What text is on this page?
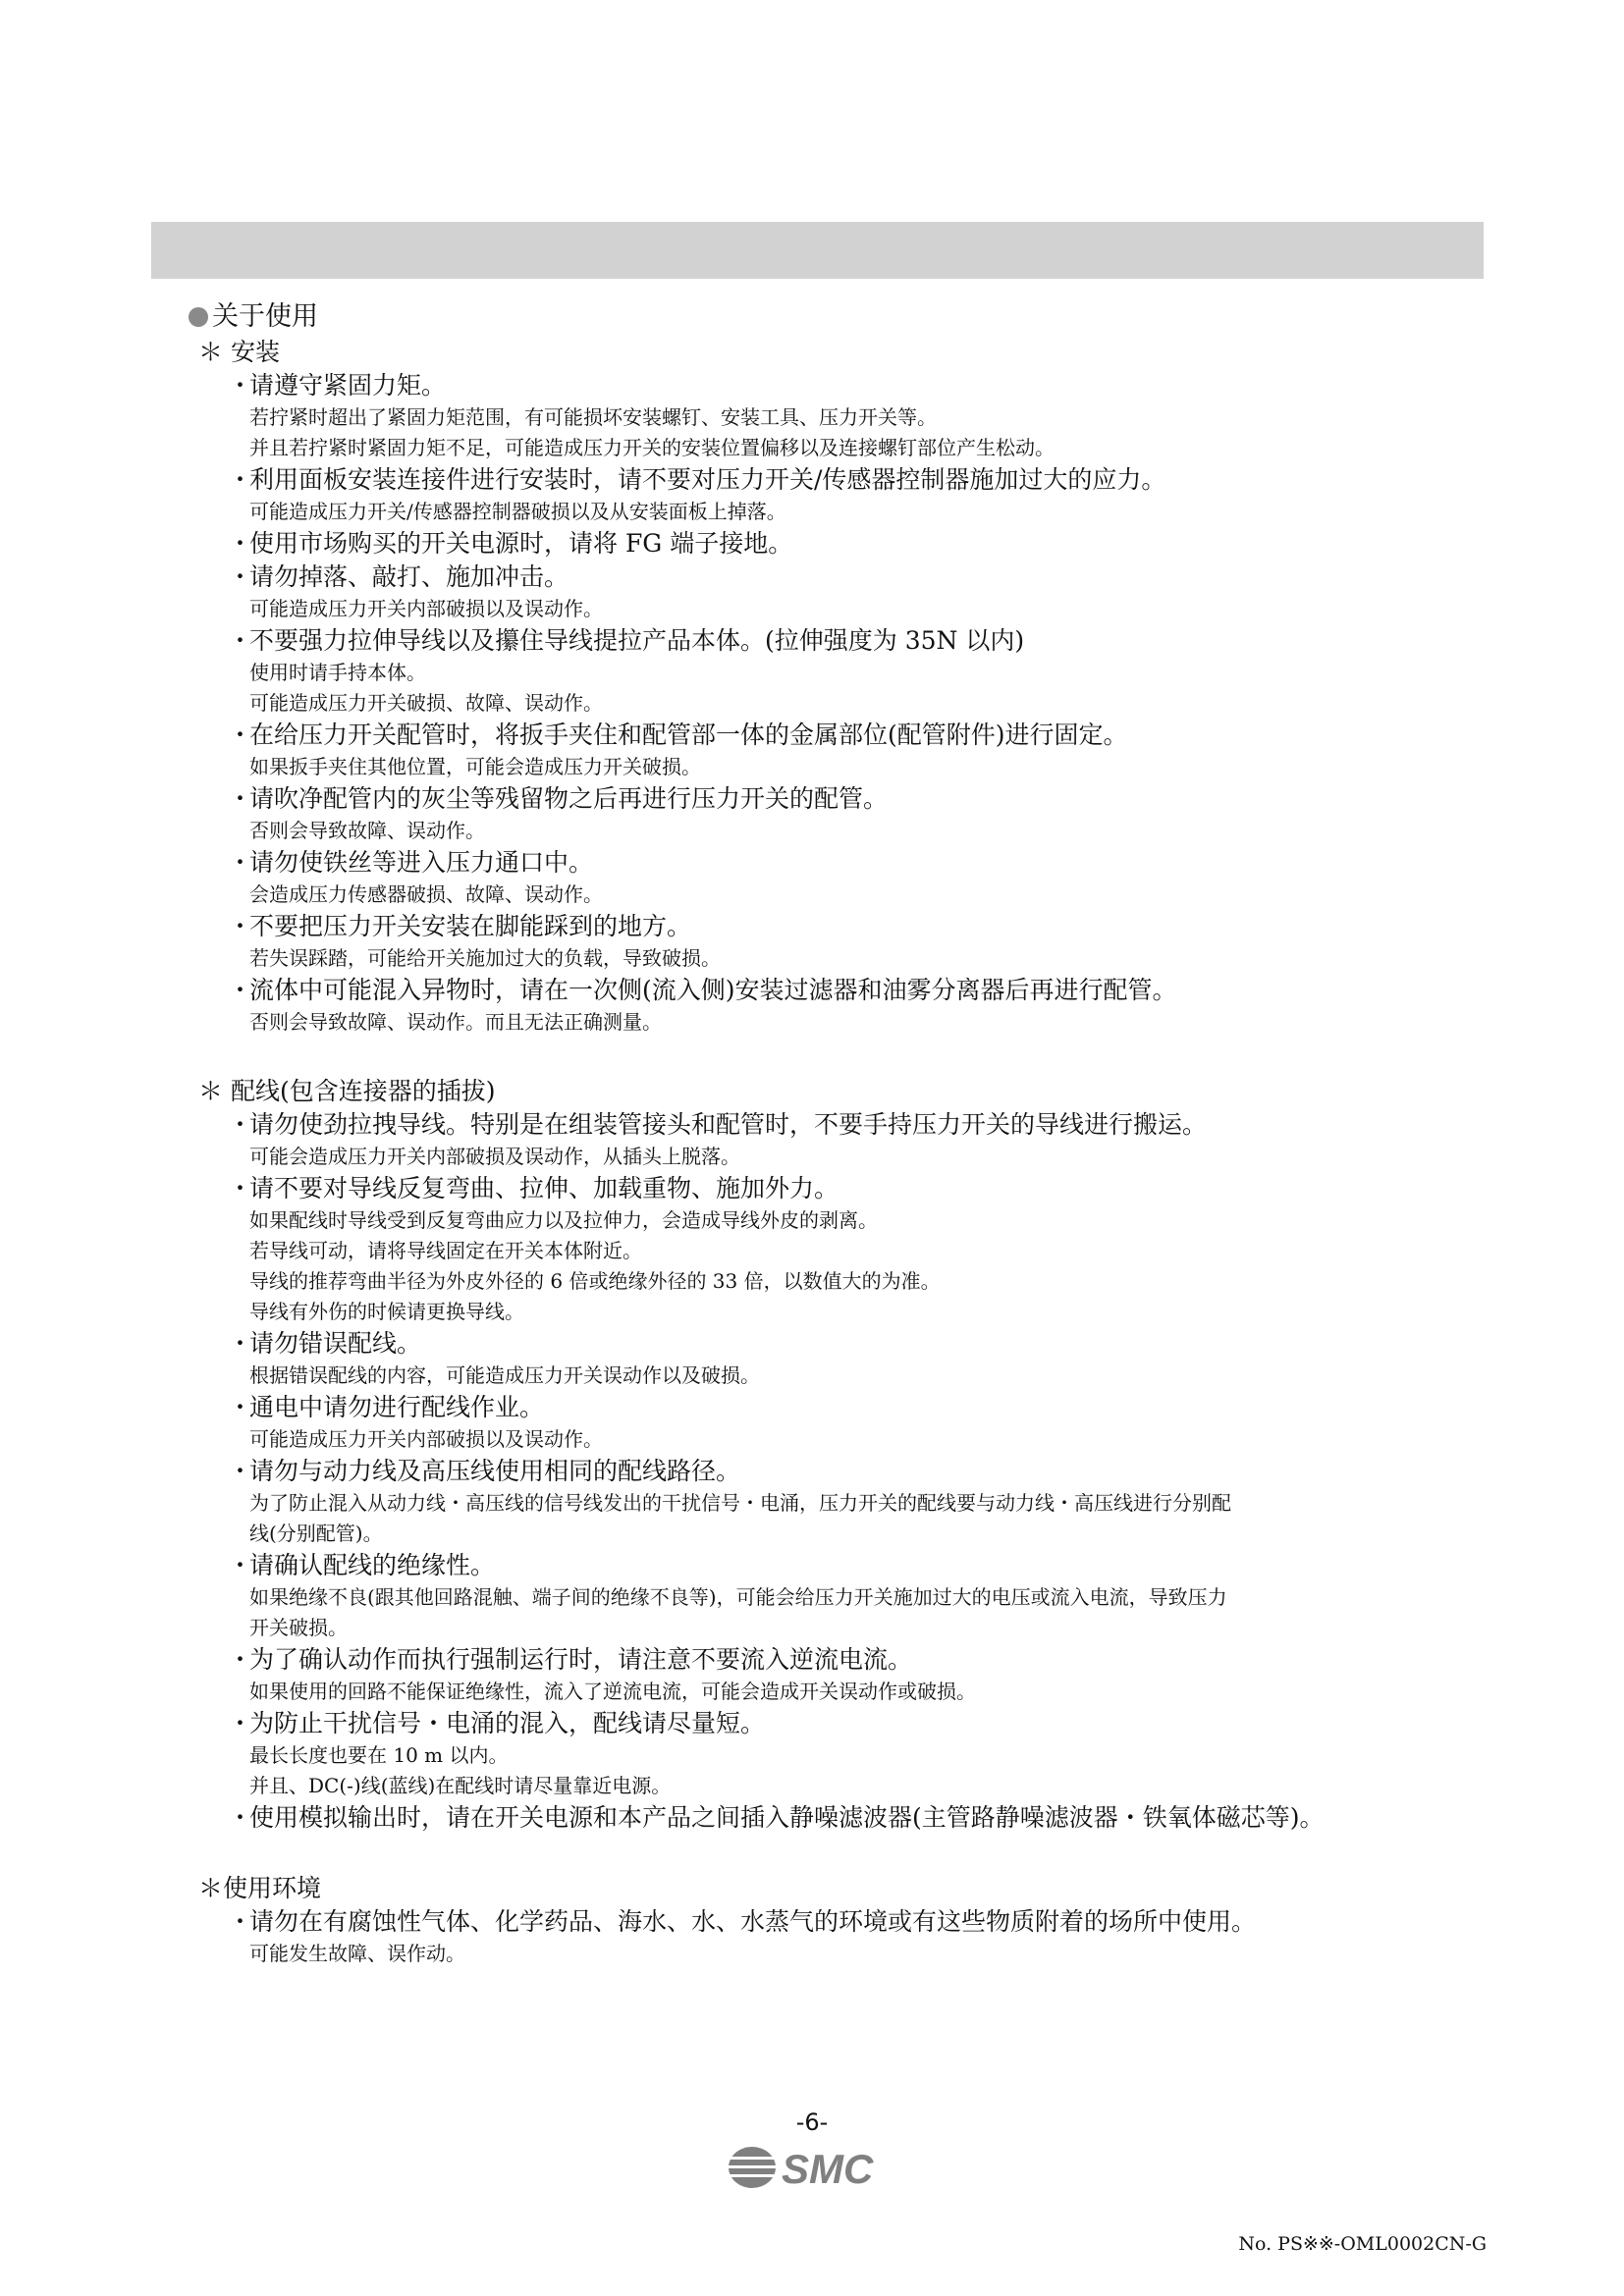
关于使用
＊ 安装
・请遵守紧固力矩。
若拧紧时超出了紧固力矩范围，有可能损坏安装螺钉、安装工具、压力开关等。
并且若拧紧时紧固力矩不足，可能造成压力开关的安装位置偏移以及连接螺钉部位产生松动。
・利用面板安装连接件进行安装时，请不要对压力开关/传感器控制器施加过大的应力。
可能造成压力开关/传感器控制器破损以及从安装面板上掉落。
・使用市场购买的开关电源时，请将 FG 端子接地。
・请勿掉落、敲打、施加冲击。
可能造成压力开关内部破损以及误动作。
・不要强力拉伸导线以及攥住导线提拉产品本体。(拉伸强度为 35N 以内)
使用时请手持本体。
可能造成压力开关破损、故障、误动作。
・在给压力开关配管时，将扳手夹住和配管部一体的金属部位(配管附件)进行固定。
如果扳手夹住其他位置，可能会造成压力开关破损。
・请吹净配管内的灰尘等残留物之后再进行压力开关的配管。
否则会导致故障、误动作。
・请勿使铁丝等进入压力通口中。
会造成压力传感器破损、故障、误动作。
・不要把压力开关安装在脚能踩到的地方。
若失误踩踏，可能给开关施加过大的负载，导致破损。
・流体中可能混入异物时，请在一次侧(流入侧)安装过滤器和油雾分离器后再进行配管。
否则会导致故障、误动作。而且无法正确测量。
＊ 配线(包含连接器的插拔)
・请勿使劲拉拽导线。特别是在组装管接头和配管时，不要手持压力开关的导线进行搬运。
可能会造成压力开关内部破损及误动作，从插头上脱落。
・请不要对导线反复弯曲、拉伸、加载重物、施加外力。
如果配线时导线受到反复弯曲应力以及拉伸力，会造成导线外皮的剥离。
若导线可动，请将导线固定在开关本体附近。
导线的推荐弯曲半径为外皮外径的 6 倍或绝缘外径的 33 倍，以数值大的为准。
导线有外伤的时候请更换导线。
・请勿错误配线。
根据错误配线的内容，可能造成压力开关误动作以及破损。
・通电中请勿进行配线作业。
可能造成压力开关内部破损以及误动作。
・请勿与动力线及高压线使用相同的配线路径。
为了防止混入从动力线・高压线的信号线发出的干扰信号・电涌，压力开关的配线要与动力线・高压线进行分别配
线(分别配管)。
・请确认配线的绝缘性。
如果绝缘不良(跟其他回路混触、端子间的绝缘不良等)，可能会给压力开关施加过大的电压或流入电流，导致压力
开关破损。
・为了确认动作而执行强制运行时，请注意不要流入逆流电流。
如果使用的回路不能保证绝缘性，流入了逆流电流，可能会造成开关误动作或破损。
・为防止干扰信号・电涌的混入，配线请尽量短。
最长长度也要在 10 m 以内。
并且、DC(-)线(蓝线)在配线时请尽量靠近电源。
・使用模拟输出时，请在开关电源和本产品之间插入静噪滤波器(主管路静噪滤波器・铁氧体磁芯等)。
＊使用环境
・请勿在有腐蚀性气体、化学药品、海水、水、水蒸气的环境或有这些物质附着的场所中使用。
可能发生故障、误作动。
-6-
SMC
No. PS※※-OML0002CN-G
